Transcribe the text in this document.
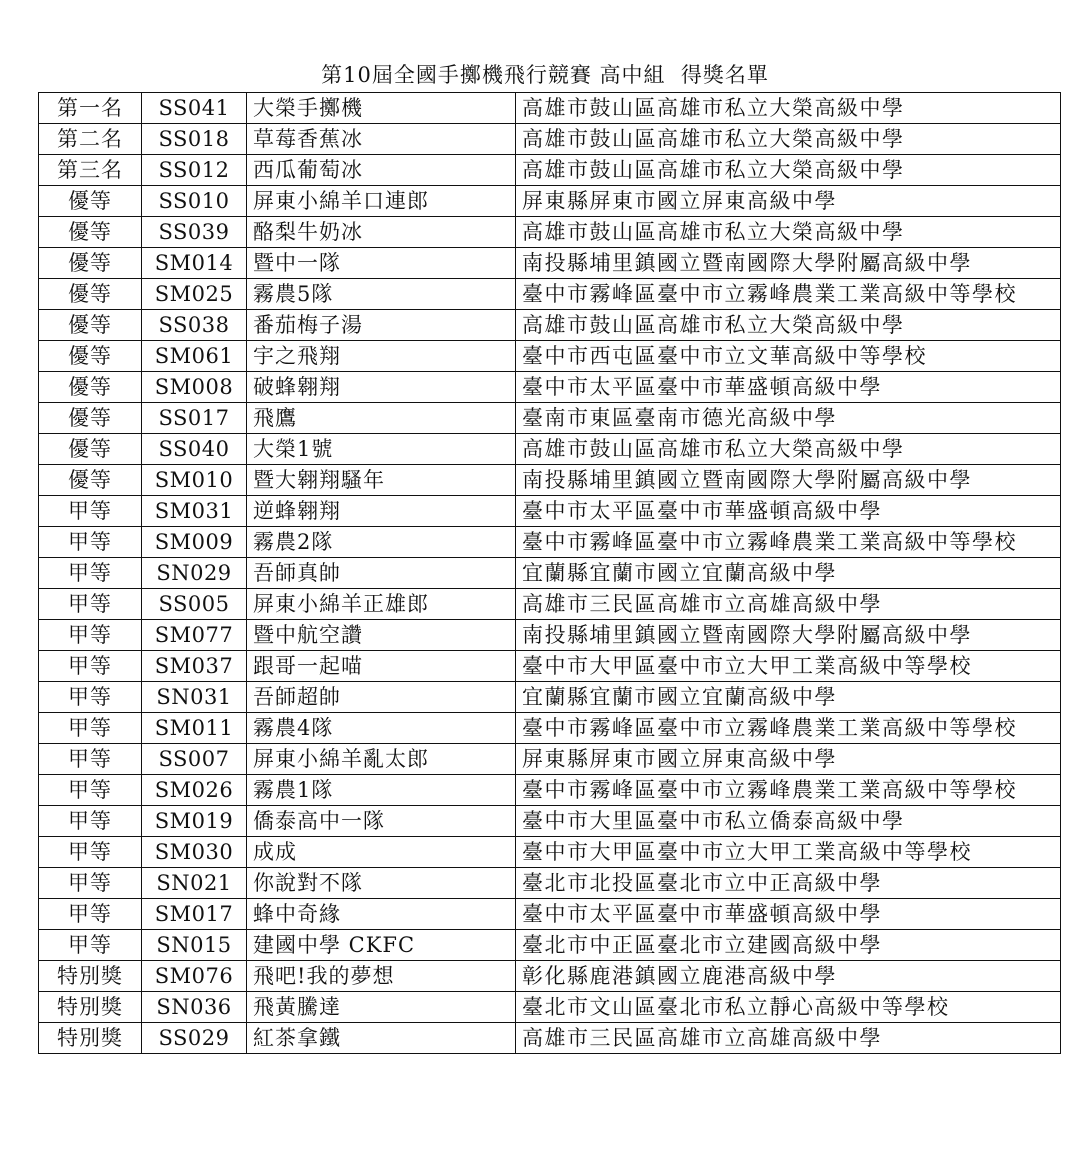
第10屆全國手擲機飛行競賽 高中組  得獎名單
第一名	SS041	大榮手擲機	高雄市鼓山區高雄市私立大榮高級中學
第二名	SS018	草莓香蕉冰	高雄市鼓山區高雄市私立大榮高級中學
第三名	SS012	西瓜葡萄冰	高雄市鼓山區高雄市私立大榮高級中學
優等	SS010	屏東小綿羊口連郎	屏東縣屏東市國立屏東高級中學
優等	SS039	酪梨牛奶冰	高雄市鼓山區高雄市私立大榮高級中學
優等	SM014	暨中一隊	南投縣埔里鎮國立暨南國際大學附屬高級中學
優等	SM025	霧農5隊	臺中市霧峰區臺中市立霧峰農業工業高級中等學校
優等	SS038	番茄梅子湯	高雄市鼓山區高雄市私立大榮高級中學
優等	SM061	宇之飛翔	臺中市西屯區臺中市立文華高級中等學校
優等	SM008	破蜂翱翔	臺中市太平區臺中市華盛頓高級中學
優等	SS017	飛鷹	臺南市東區臺南市德光高級中學
優等	SS040	大榮1號	高雄市鼓山區高雄市私立大榮高級中學
優等	SM010	暨大翱翔騷年	南投縣埔里鎮國立暨南國際大學附屬高級中學
甲等	SM031	逆蜂翱翔	臺中市太平區臺中市華盛頓高級中學
甲等	SM009	霧農2隊	臺中市霧峰區臺中市立霧峰農業工業高級中等學校
甲等	SN029	吾師真帥	宜蘭縣宜蘭市國立宜蘭高級中學
甲等	SS005	屏東小綿羊正雄郎	高雄市三民區高雄市立高雄高級中學
甲等	SM077	暨中航空讚	南投縣埔里鎮國立暨南國際大學附屬高級中學
甲等	SM037	跟哥一起喵	臺中市大甲區臺中市立大甲工業高級中等學校
甲等	SN031	吾師超帥	宜蘭縣宜蘭市國立宜蘭高級中學
甲等	SM011	霧農4隊	臺中市霧峰區臺中市立霧峰農業工業高級中等學校
甲等	SS007	屏東小綿羊亂太郎	屏東縣屏東市國立屏東高級中學
甲等	SM026	霧農1隊	臺中市霧峰區臺中市立霧峰農業工業高級中等學校
甲等	SM019	僑泰高中一隊	臺中市大里區臺中市私立僑泰高級中學
甲等	SM030	成成	臺中市大甲區臺中市立大甲工業高級中等學校
甲等	SN021	你說對不隊	臺北市北投區臺北市立中正高級中學
甲等	SM017	蜂中奇緣	臺中市太平區臺中市華盛頓高級中學
甲等	SN015	建國中學 CKFC	臺北市中正區臺北市立建國高級中學
特別獎	SM076	飛吧!我的夢想	彰化縣鹿港鎮國立鹿港高級中學
特別獎	SN036	飛黃騰達	臺北市文山區臺北市私立靜心高級中等學校
特別獎	SS029	紅茶拿鐵	高雄市三民區高雄市立高雄高級中學
